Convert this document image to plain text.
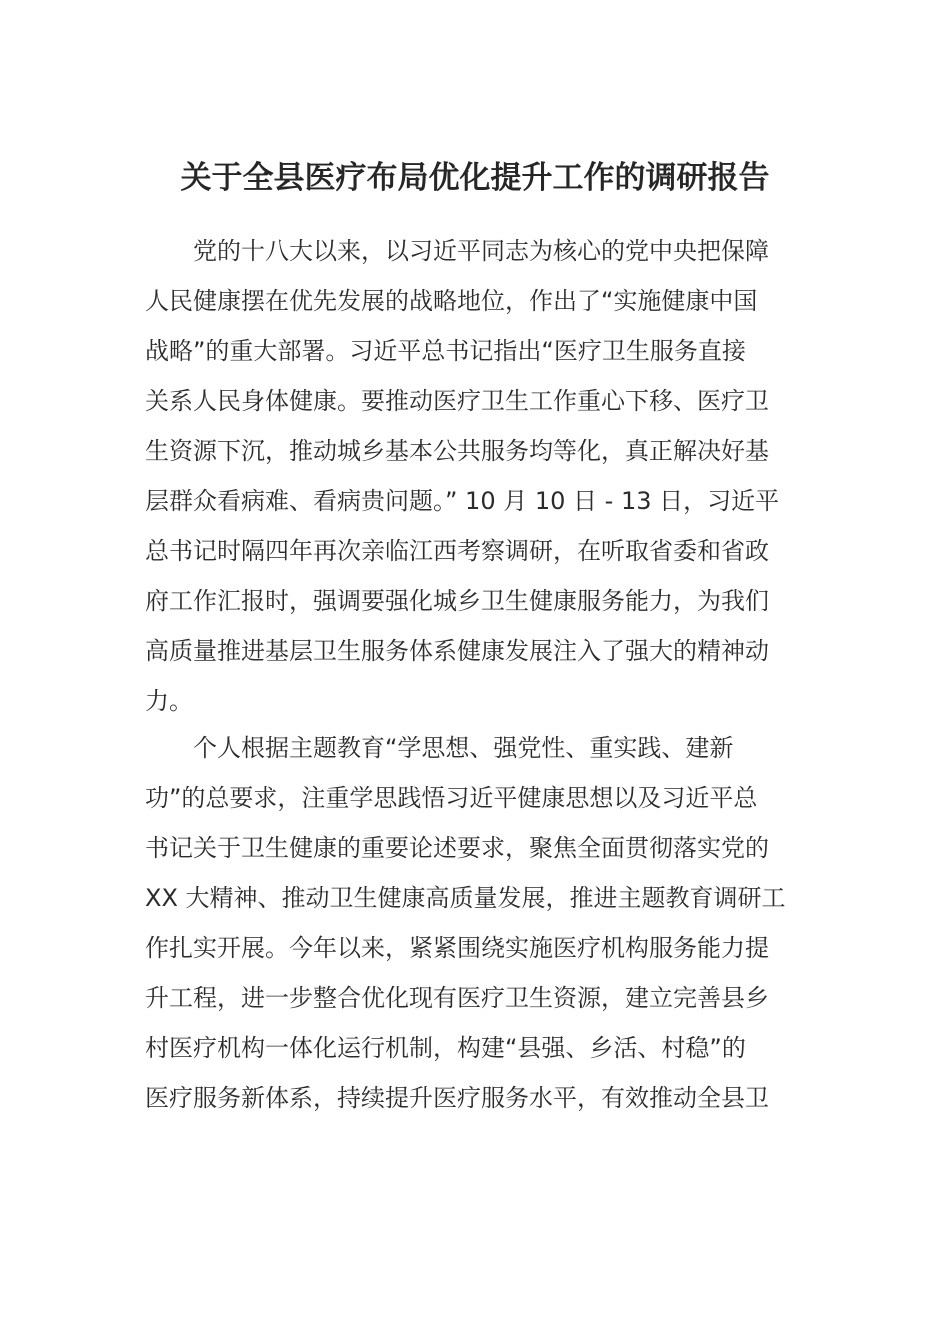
关于全县医疗布局优化提升工作的调研报告
党的十八大以来，以习近平同志为核心的党中央把保障
人民健康摆在优先发展的战略地位，作出了“实施健康中国
战略”的重大部署。习近平总书记指出“医疗卫生服务直接
关系人民身体健康。要推动医疗卫生工作重心下移、医疗卫
生资源下沉，推动城乡基本公共服务均等化，真正解决好基
层群众看病难、看病贵问题。” 10 月 10 日 - 13 日，习近平
总书记时隔四年再次亲临江西考察调研，在听取省委和省政
府工作汇报时，强调要强化城乡卫生健康服务能力，为我们
高质量推进基层卫生服务体系健康发展注入了强大的精神动
力。
个人根据主题教育“学思想、强党性、重实践、建新
功”的总要求，注重学思践悟习近平健康思想以及习近平总
书记关于卫生健康的重要论述要求，聚焦全面贯彻落实党的
XX 大精神、推动卫生健康高质量发展，推进主题教育调研工
作扎实开展。今年以来，紧紧围绕实施医疗机构服务能力提
升工程，进一步整合优化现有医疗卫生资源，建立完善县乡
村医疗机构一体化运行机制，构建“县强、乡活、村稳”的
医疗服务新体系，持续提升医疗服务水平，有效推动全县卫
